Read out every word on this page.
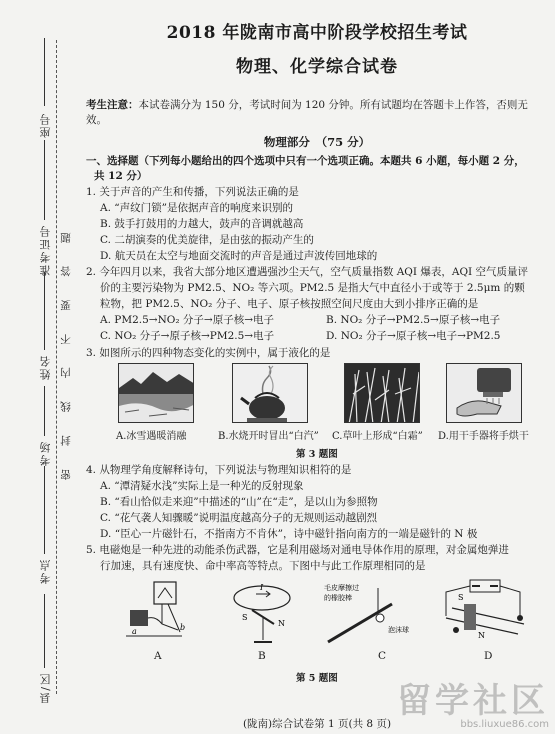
座号
准考证号
姓名
考场
考点
县/区
密 封 线 内 不 要 答 题
2018 年陇南市高中阶段学校招生考试
物理、化学综合试卷
考生注意：本试卷满分为 150 分，考试时间为 120 分钟。所有试题均在答题卡上作答，否则无效。
物理部分　（75 分）
一、选择题（下列每小题给出的四个选项中只有一个选项正确。本题共 6 小题，每小题 2 分，
共 12 分）
1. 关于声音的产生和传播，下列说法正确的是
A. “声纹门锁”是依据声音的响度来识别的
B. 鼓手打鼓用的力越大，鼓声的音调就越高
C. 二胡演奏的优美旋律，是由弦的振动产生的
D. 航天员在太空与地面交流时的声音是通过声波传回地球的
2. 今年四月以来，我省大部分地区遭遇强沙尘天气，空气质量指数 AQI 爆表，AQI 空气质量评
价的主要污染物为 PM2.5、NO₂ 等六项。PM2.5 是指大气中直径小于或等于 2.5μm 的颗
粒物，把 PM2.5、NO₂ 分子、电子、原子核按照空间尺度由大到小排序正确的是
A. PM2.5→NO₂ 分子→原子核→电子	B. NO₂ 分子→PM2.5→原子核→电子
C. NO₂ 分子→原子核→PM2.5→电子	D. NO₂ 分子→原子核→电子→PM2.5
3. 如图所示的四种物态变化的实例中，属于液化的是
A.冰雪遇暖消融	B.水烧开时冒出“白汽” C.草叶上形成“白霜” D.用干手器将手烘干
第 3 题图
4. 从物理学角度解释诗句，下列说法与物理知识相符的是
A. “潭清疑水浅”实际上是一种光的反射现象
B. “看山恰似走来迎”中描述的“山”在“走”，是以山为参照物
C. “花气袭人知骤暖”说明温度越高分子的无规则运动越剧烈
D. “臣心一片磁针石，不指南方不肯休”，诗中磁针指向南方的一端是磁针的 N 极
5. 电磁炮是一种先进的动能杀伤武器，它是利用磁场对通电导体作用的原理，对金属炮弹进
行加速，具有速度快、命中率高等特点。下图中与此工作原理相同的是
a	b
I
S
N
毛皮摩擦过
的橡胶棒
泡沫球
S
N
A	B	C	D
第 5 题图
(陇南)综合试卷第 1 页(共 8 页)
留学社区
bbs.liuxue86.com
